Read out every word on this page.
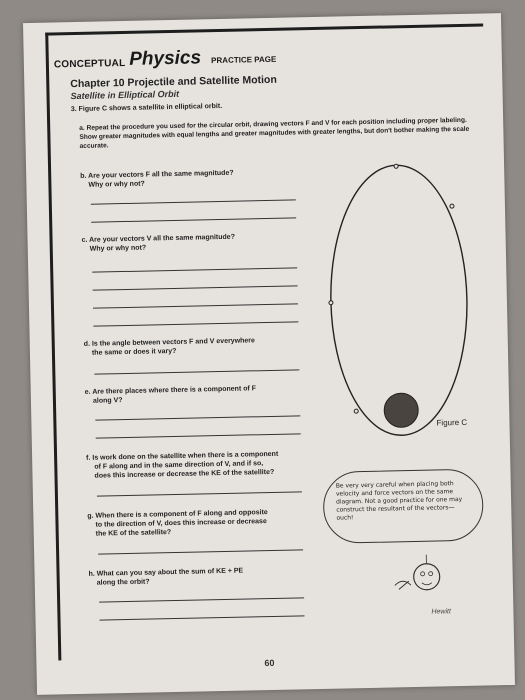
CONCEPTUAL Physics PRACTICE PAGE
Chapter 10 Projectile and Satellite Motion
Satellite in Elliptical Orbit
3. Figure C shows a satellite in elliptical orbit.
a. Repeat the procedure you used for the circular orbit, drawing vectors F and V for each position including proper labeling. Show greater magnitudes with equal lengths and greater magnitudes with greater lengths, but don't bother making the scale accurate.
b. Are your vectors F all the same magnitude?
Why or why not?
c. Are your vectors V all the same magnitude?
Why or why not?
d. Is the angle between vectors F and V everywhere
the same or does it vary?
e. Are there places where there is a component of F
along V?
f. Is work done on the satellite when there is a component
of F along and in the same direction of V, and if so,
does this increase or decrease the KE of the satellite?
g. When there is a component of F along and opposite
to the direction of V, does this increase or decrease
the KE of the satellite?
h. What can you say about the sum of KE + PE
along the orbit?
Figure C
Be very very careful when placing both velocity and force vectors on the same diagram. Not a good practice for one may construct the resultant of the vectors— ouch!
Hewitt
60
